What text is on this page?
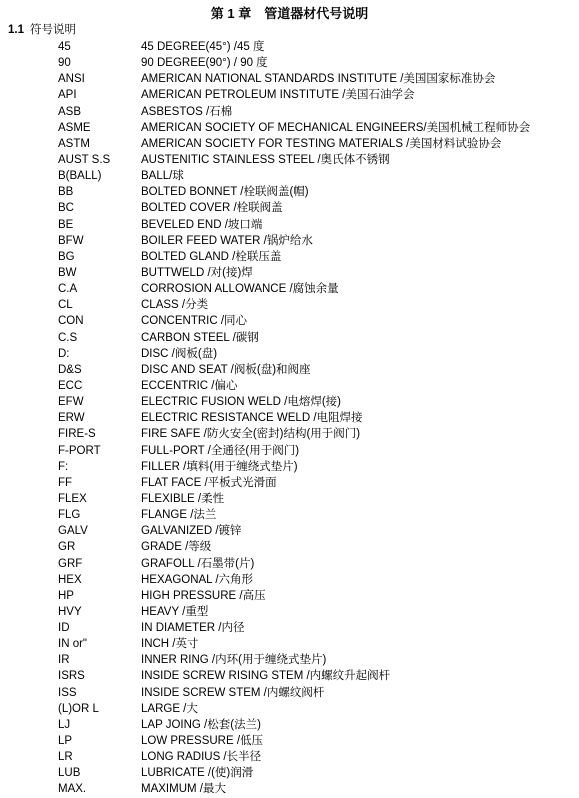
第 1 章　管道器材代号说明
1.1 符号说明
45	45 DEGREE(45°) /45 度
90	90 DEGREE(90°) / 90 度
ANSI	AMERICAN NATIONAL STANDARDS INSTITUTE /美国国家标准协会
API	AMERICAN PETROLEUM INSTITUTE /美国石油学会
ASB	ASBESTOS /石棉
ASME	AMERICAN SOCIETY OF MECHANICAL ENGINEERS/美国机械工程师协会
ASTM	AMERICAN SOCIETY FOR TESTING MATERIALS /美国材料试验协会
AUST S.S	AUSTENITIC STAINLESS STEEL /奥氏体不锈钢
B(BALL)	BALL/球
BB	BOLTED BONNET /栓联阀盖(帽)
BC	BOLTED COVER /栓联阀盖
BE	BEVELED END /坡口端
BFW	BOILER FEED WATER /锅炉给水
BG	BOLTED GLAND /栓联压盖
BW	BUTTWELD /对(接)焊
C.A	CORROSION ALLOWANCE /腐蚀余量
CL	CLASS /分类
CON	CONCENTRIC /同心
C.S	CARBON STEEL /碳钢
D:	DISC /阀板(盘)
D&S	DISC AND SEAT /阀板(盘)和阀座
ECC	ECCENTRIC /偏心
EFW	ELECTRIC FUSION WELD /电熔焊(接)
ERW	ELECTRIC RESISTANCE WELD /电阻焊接
FIRE-S	FIRE SAFE /防火安全(密封)结构(用于阀门)
F-PORT	FULL-PORT /全通径(用于阀门)
F:	FILLER /填料(用于缠绕式垫片)
FF	FLAT FACE /平板式光滑面
FLEX	FLEXIBLE /柔性
FLG	FLANGE /法兰
GALV	GALVANIZED /镀锌
GR	GRADE /等级
GRF	GRAFOLL /石墨带(片)
HEX	HEXAGONAL /六角形
HP	HIGH PRESSURE /高压
HVY	HEAVY /重型
ID	IN DIAMETER /内径
IN or"	INCH /英寸
IR	INNER RING /内环(用于缠绕式垫片)
ISRS	INSIDE SCREW RISING STEM /内螺纹升起阀杆
ISS	INSIDE SCREW STEM /内螺纹阀杆
(L)OR L	LARGE /大
LJ	LAP JOING /松套(法兰)
LP	LOW PRESSURE /低压
LR	LONG RADIUS /长半径
LUB	LUBRICATE /(使)润滑
MAX.	MAXIMUM /最大
